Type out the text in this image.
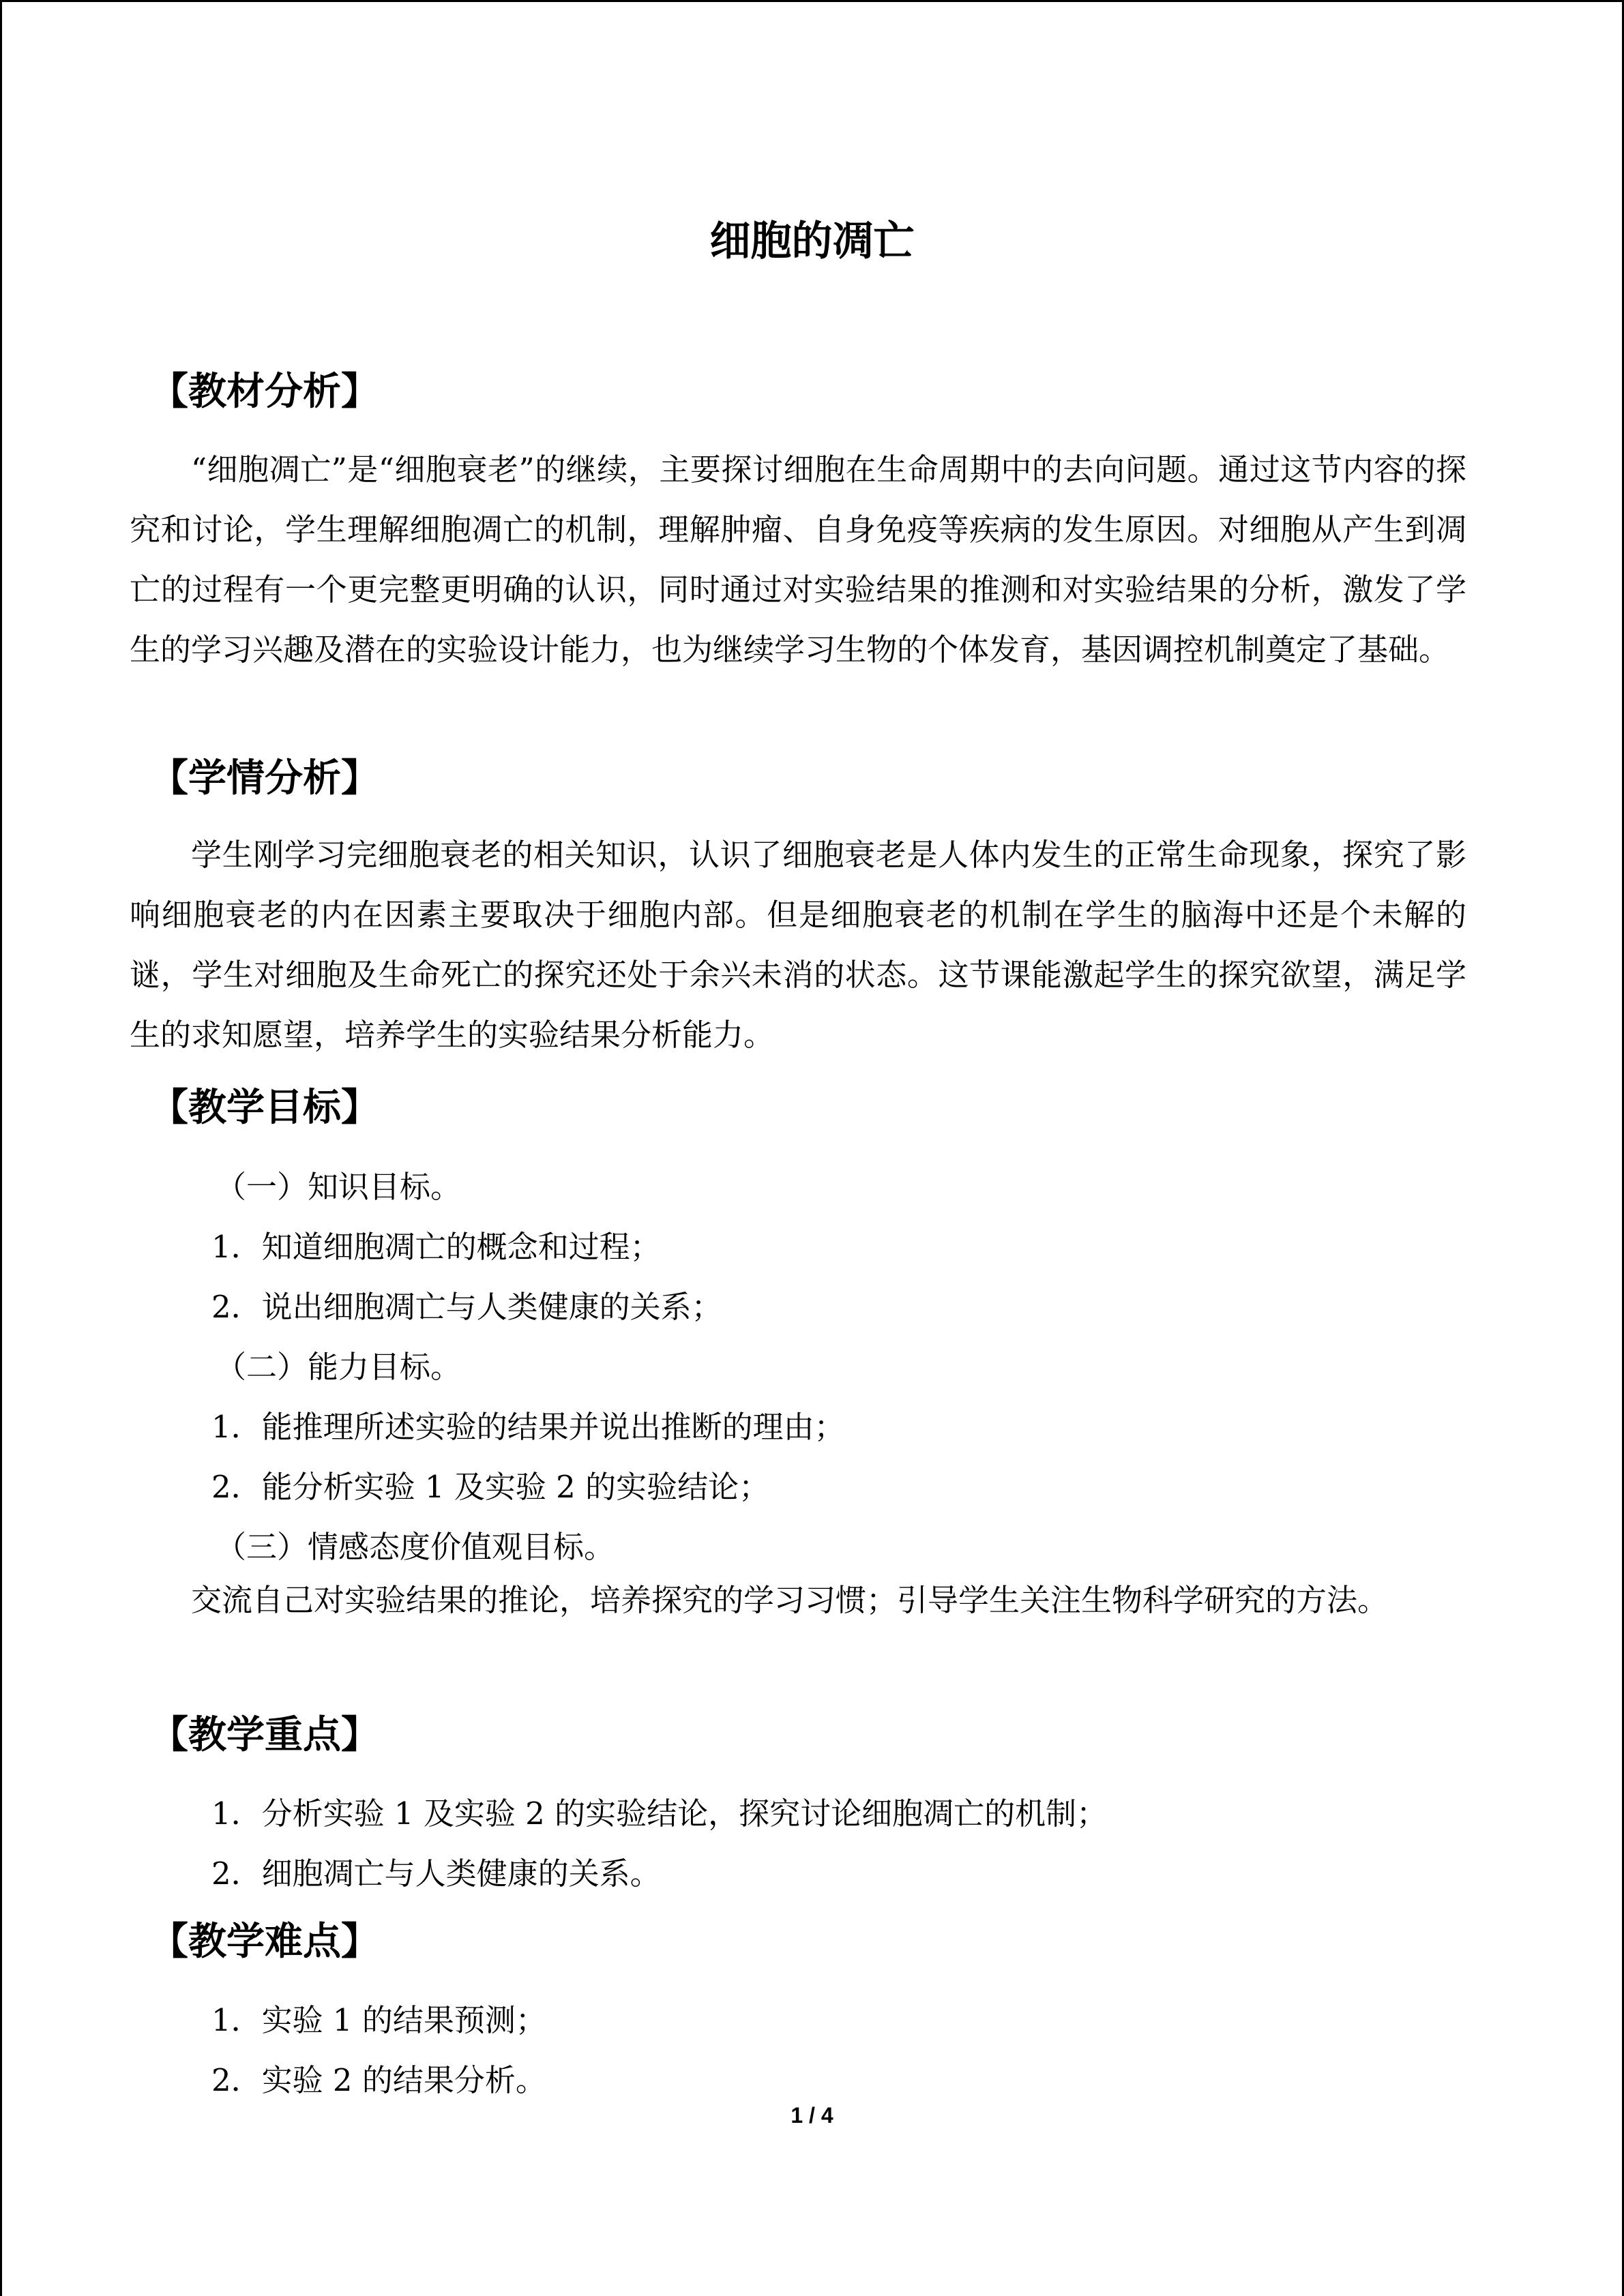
细胞的凋亡
【教材分析】
“细胞凋亡”是“细胞衰老”的继续，主要探讨细胞在生命周期中的去向问题。通过这节内容的探究和讨论，学生理解细胞凋亡的机制，理解肿瘤、自身免疫等疾病的发生原因。对细胞从产生到凋亡的过程有一个更完整更明确的认识，同时通过对实验结果的推测和对实验结果的分析，激发了学生的学习兴趣及潜在的实验设计能力，也为继续学习生物的个体发育，基因调控机制奠定了基础。
【学情分析】
学生刚学习完细胞衰老的相关知识，认识了细胞衰老是人体内发生的正常生命现象，探究了影响细胞衰老的内在因素主要取决于细胞内部。但是细胞衰老的机制在学生的脑海中还是个未解的谜，学生对细胞及生命死亡的探究还处于余兴未消的状态。这节课能激起学生的探究欲望，满足学生的求知愿望，培养学生的实验结果分析能力。
【教学目标】
（一）知识目标。
1．知道细胞凋亡的概念和过程；
2．说出细胞凋亡与人类健康的关系；
（二）能力目标。
1．能推理所述实验的结果并说出推断的理由；
2．能分析实验 1 及实验 2 的实验结论；
（三）情感态度价值观目标。
交流自己对实验结果的推论，培养探究的学习习惯；引导学生关注生物科学研究的方法。
【教学重点】
1．分析实验 1 及实验 2 的实验结论，探究讨论细胞凋亡的机制；
2．细胞凋亡与人类健康的关系。
【教学难点】
1．实验 1 的结果预测；
2．实验 2 的结果分析。
1 / 4
